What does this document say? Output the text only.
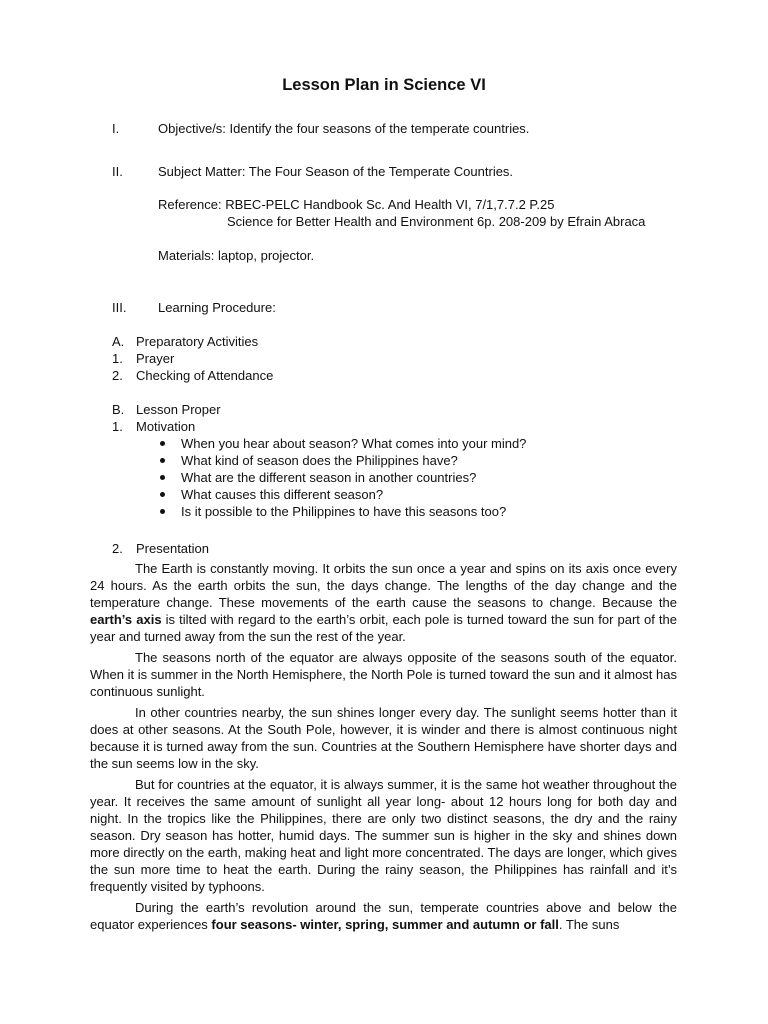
Lesson Plan in Science VI
I.	Objective/s: Identify the four seasons of the temperate countries.
II.	Subject Matter: The Four Season of the Temperate Countries.
Reference: RBEC-PELC Handbook Sc. And Health VI, 7/1,7.7.2 P.25
Science for Better Health and Environment 6p. 208-209 by Efrain Abraca
Materials: laptop, projector.
III. Learning Procedure:
A. Preparatory Activities
1. Prayer
2. Checking of Attendance
B. Lesson Proper
1. Motivation
When you hear about season? What comes into your mind?
What kind of season does the Philippines have?
What are the different season in another countries?
What causes this different season?
Is it possible to the Philippines to have this seasons too?
2. Presentation

The Earth is constantly moving. It orbits the sun once a year and spins on its axis once every 24 hours. As the earth orbits the sun, the days change. The lengths of the day change and the temperature change. These movements of the earth cause the seasons to change. Because the earth’s axis is tilted with regard to the earth’s orbit, each pole is turned toward the sun for part of the year and turned away from the sun the rest of the year.

The seasons north of the equator are always opposite of the seasons south of the equator. When it is summer in the North Hemisphere, the North Pole is turned toward the sun and it almost has continuous sunlight.

In other countries nearby, the sun shines longer every day. The sunlight seems hotter than it does at other seasons. At the South Pole, however, it is winder and there is almost continuous night because it is turned away from the sun. Countries at the Southern Hemisphere have shorter days and the sun seems low in the sky.

But for countries at the equator, it is always summer, it is the same hot weather throughout the year. It receives the same amount of sunlight all year long- about 12 hours long for both day and night. In the tropics like the Philippines, there are only two distinct seasons, the dry and the rainy season. Dry season has hotter, humid days. The summer sun is higher in the sky and shines down more directly on the earth, making heat and light more concentrated. The days are longer, which gives the sun more time to heat the earth. During the rainy season, the Philippines has rainfall and it’s frequently visited by typhoons.

During the earth’s revolution around the sun, temperate countries above and below the equator experiences four seasons- winter, spring, summer and autumn or fall. The suns
